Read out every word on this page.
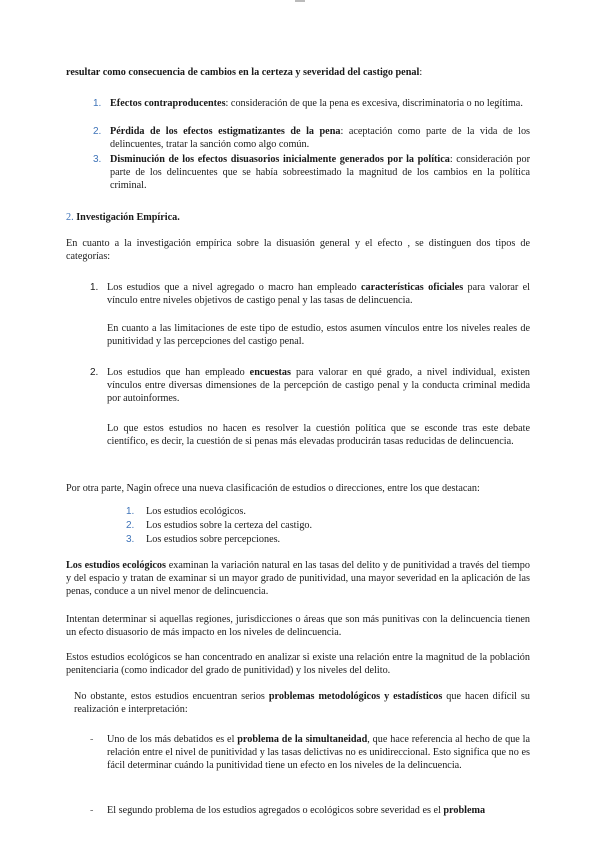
resultar como consecuencia de cambios en la certeza y severidad del castigo penal:

1. Efectos contraproducentes: consideración de que la pena es excesiva, discriminatoria o no legítima.

2. Pérdida de los efectos estigmatizantes de la pena: aceptación como parte de la vida de los delincuentes, tratar la sanción como algo común.

3. Disminución de los efectos disuasorios inicialmente generados por la política: consideración por parte de los delincuentes que se había sobreestimado la magnitud de los cambios en la política criminal.

2. Investigación Empírica.

En cuanto a la investigación empírica sobre la disuasión general y el efecto , se distinguen dos tipos de categorías:

1. Los estudios que a nivel agregado o macro han empleado características oficiales para valorar el vínculo entre niveles objetivos de castigo penal y las tasas de delincuencia.

En cuanto a las limitaciones de este tipo de estudio, estos asumen vínculos entre los niveles reales de punitividad y las percepciones del castigo penal.

2. Los estudios que han empleado encuestas para valorar en qué grado, a nivel individual, existen vínculos entre diversas dimensiones de la percepción de castigo penal y la conducta criminal medida por autoinformes.

Lo que estos estudios no hacen es resolver la cuestión política que se esconde tras este debate científico, es decir, la cuestión de si penas más elevadas producirán tasas reducidas de delincuencia.

Por otra parte, Nagin ofrece una nueva clasificación de estudios o direcciones, entre los que destacan:

1. Los estudios ecológicos.
2. Los estudios sobre la certeza del castigo.
3. Los estudios sobre percepciones.

Los estudios ecológicos examinan la variación natural en las tasas del delito y de punitividad a través del tiempo y del espacio y tratan de examinar si un mayor grado de punitividad, una mayor severidad en la aplicación de las penas, conduce a un nivel menor de delincuencia.

Intentan determinar si aquellas regiones, jurisdicciones o áreas que son más punitivas con la delincuencia tienen un efecto disuasorio de más impacto en los niveles de delincuencia.

Estos estudios ecológicos se han concentrado en analizar si existe una relación entre la magnitud de la población penitenciaria (como indicador del grado de punitividad) y los niveles del delito.

No obstante, estos estudios encuentran serios problemas metodológicos y estadísticos que hacen difícil su realización e interpretación:

- Uno de los más debatidos es el problema de la simultaneidad, que hace referencia al hecho de que la relación entre el nivel de punitividad y las tasas delictivas no es unidireccional. Esto significa que no es fácil determinar cuándo la punitividad tiene un efecto en los niveles de la delincuencia.

- El segundo problema de los estudios agregados o ecológicos sobre severidad es el problema
